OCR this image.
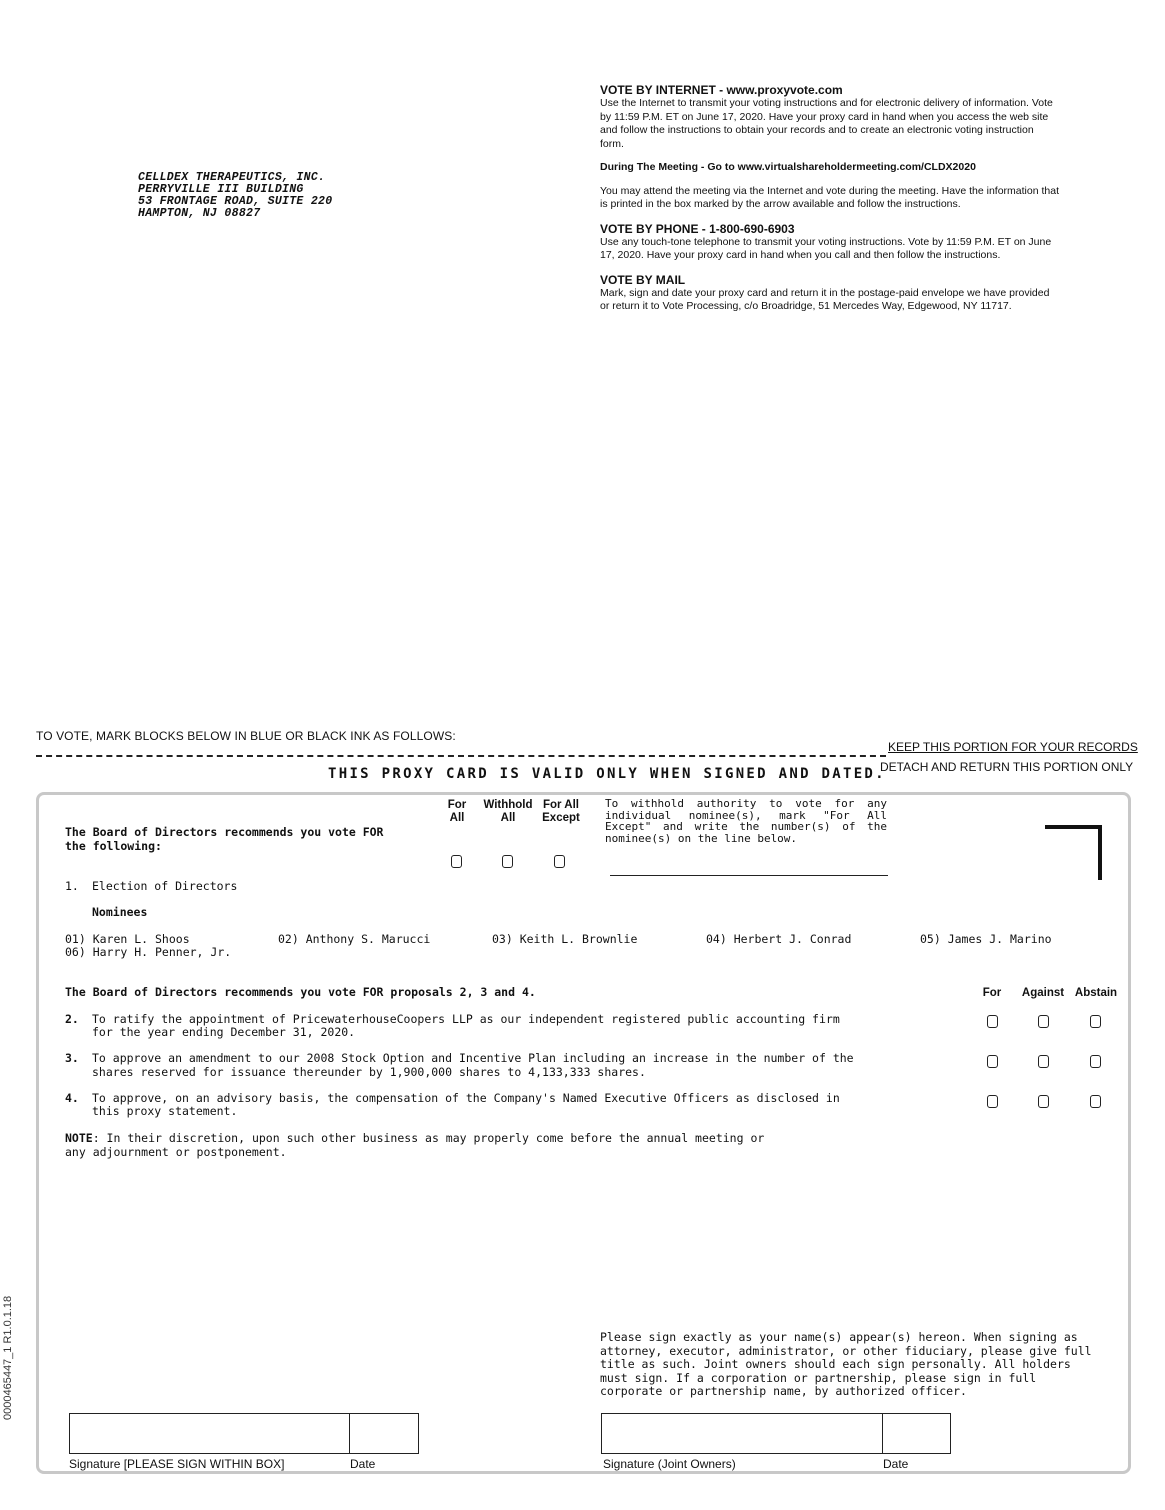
CELLDEX THERAPEUTICS, INC.
PERRYVILLE III BUILDING
53 FRONTAGE ROAD, SUITE 220
HAMPTON, NJ 08827
VOTE BY INTERNET - www.proxyvote.com
Use the Internet to transmit your voting instructions and for electronic delivery of information. Vote by 11:59 P.M. ET on June 17, 2020. Have your proxy card in hand when you access the web site and follow the instructions to obtain your records and to create an electronic voting instruction form.
During The Meeting - Go to www.virtualshareholdermeeting.com/CLDX2020
You may attend the meeting via the Internet and vote during the meeting. Have the information that is printed in the box marked by the arrow available and follow the instructions.
VOTE BY PHONE - 1-800-690-6903
Use any touch-tone telephone to transmit your voting instructions. Vote by 11:59 P.M. ET on June 17, 2020. Have your proxy card in hand when you call and then follow the instructions.
VOTE BY MAIL
Mark, sign and date your proxy card and return it in the postage-paid envelope we have provided or return it to Vote Processing, c/o Broadridge, 51 Mercedes Way, Edgewood, NY 11717.
TO VOTE, MARK BLOCKS BELOW IN BLUE OR BLACK INK AS FOLLOWS:
KEEP THIS PORTION FOR YOUR RECORDS
DETACH AND RETURN THIS PORTION ONLY
THIS PROXY CARD IS VALID ONLY WHEN SIGNED AND DATED.
The Board of Directors recommends you vote FOR the following:
For All
Withhold All
For All Except
To withhold authority to vote for any individual nominee(s), mark "For All Except" and write the number(s) of the nominee(s) on the line below.
1. Election of Directors
Nominees
01) Karen L. Shoos	02) Anthony S. Marucci	03) Keith L. Brownlie	04) Herbert J. Conrad	05) James J. Marino
06) Harry H. Penner, Jr.
The Board of Directors recommends you vote FOR proposals 2, 3 and 4.	For	Against Abstain
2. To ratify the appointment of PricewaterhouseCoopers LLP as our independent registered public accounting firm
for the year ending December 31, 2020.
3. To approve an amendment to our 2008 Stock Option and Incentive Plan including an increase in the number of the
shares reserved for issuance thereunder by 1,900,000 shares to 4,133,333 shares.
4. To approve, on an advisory basis, the compensation of the Company's Named Executive Officers as disclosed in
this proxy statement.
NOTE: In their discretion, upon such other business as may properly come before the annual meeting or any adjournment or postponement.
Please sign exactly as your name(s) appear(s) hereon. When signing as attorney, executor, administrator, or other fiduciary, please give full title as such. Joint owners should each sign personally. All holders must sign. If a corporation or partnership, please sign in full corporate or partnership name, by authorized officer.
Signature [PLEASE SIGN WITHIN BOX]	Date	Signature (Joint Owners)	Date
0000465447_1 R1.0.1.18
